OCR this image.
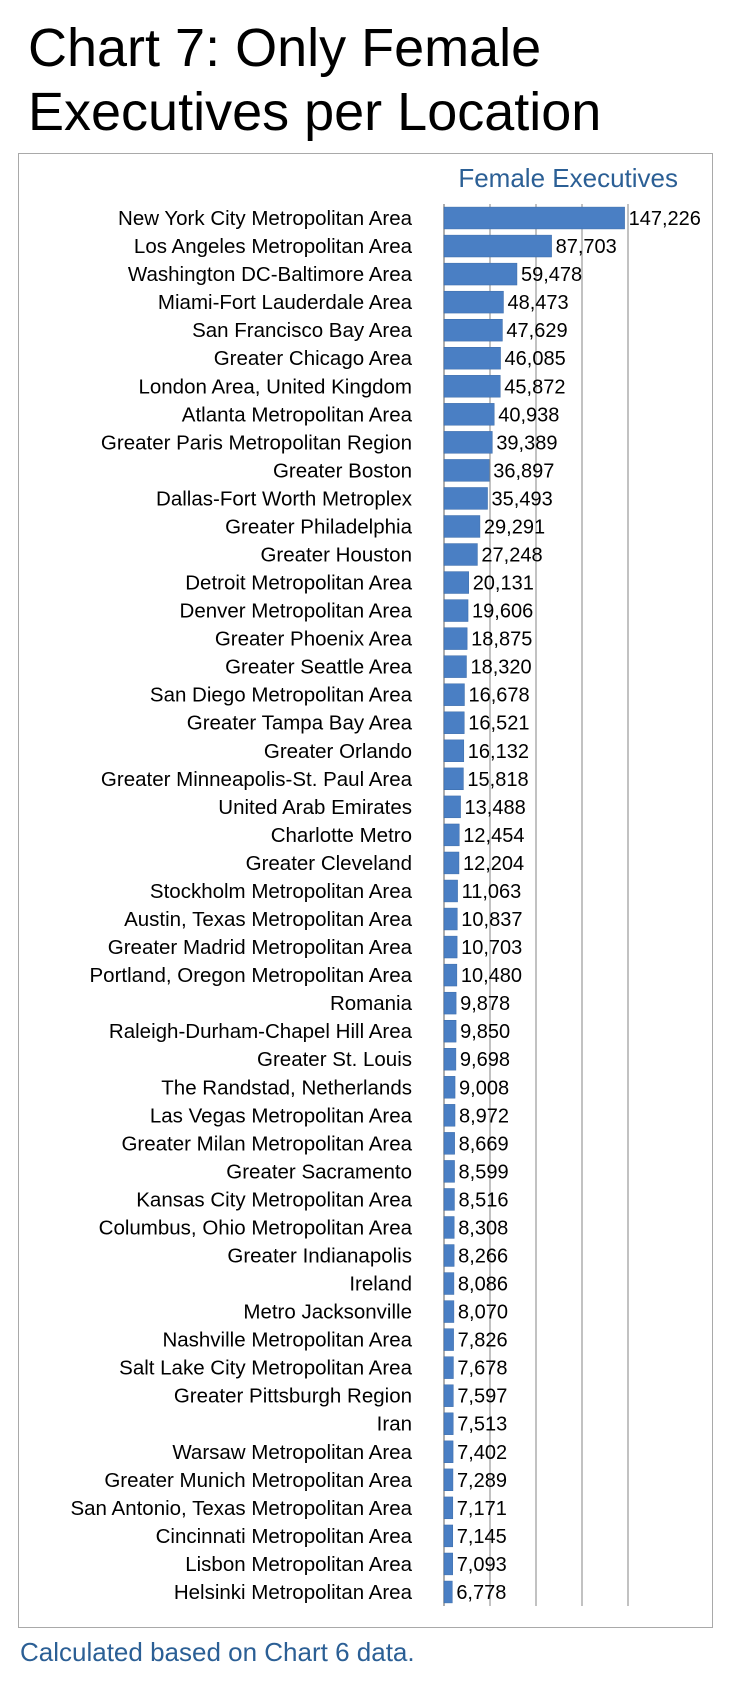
Chart 7: Only Female Executives per Location
New York City Metropolitan Area
Los Angeles Metropolitan Area
Washington DC-Baltimore Area
Miami-Fort Lauderdale Area
San Francisco Bay Area
Greater Chicago Area
London Area, United Kingdom
Atlanta Metropolitan Area
Greater Paris Metropolitan Region
Greater Boston
Dallas-Fort Worth Metroplex
Greater Philadelphia
Greater Houston
Detroit Metropolitan Area
Denver Metropolitan Area
Greater Phoenix Area
Greater Seattle Area
San Diego Metropolitan Area
Greater Tampa Bay Area
Greater Orlando
Greater Minneapolis-St. Paul Area
United Arab Emirates
Charlotte Metro
Greater Cleveland
Stockholm Metropolitan Area
Austin, Texas Metropolitan Area
Greater Madrid Metropolitan Area
Portland, Oregon Metropolitan Area
Romania
Raleigh-Durham-Chapel Hill Area
Greater St. Louis
The Randstad, Netherlands
Las Vegas Metropolitan Area
Greater Milan Metropolitan Area
Greater Sacramento
Kansas City Metropolitan Area
Columbus, Ohio Metropolitan Area
Greater Indianapolis
Ireland
Metro Jacksonville
Nashville Metropolitan Area
Salt Lake City Metropolitan Area
Greater Pittsburgh Region
Iran
Warsaw Metropolitan Area
Greater Munich Metropolitan Area
San Antonio, Texas Metropolitan Area
Cincinnati Metropolitan Area
Lisbon Metropolitan Area
Helsinki Metropolitan Area
147,226
87,703
59,478
48,473
47,629
46,085
45,872
40,938
39,389
36,897
35,493
29,291
27,248
20,131
19,606
18,875
18,320
16,678
16,521
16,132
15,818
13,488
12,454
12,204
11,063
10,837
10,703
10,480
9,878
9,850
9,698
9,008
8,972
8,669
8,599
8,516
8,308
8,266
8,086
8,070
7,826
7,678
7,597
7,513
7,402
7,289
7,171
7,145
7,093
6,778
Female Executives
Calculated based on Chart 6 data.
